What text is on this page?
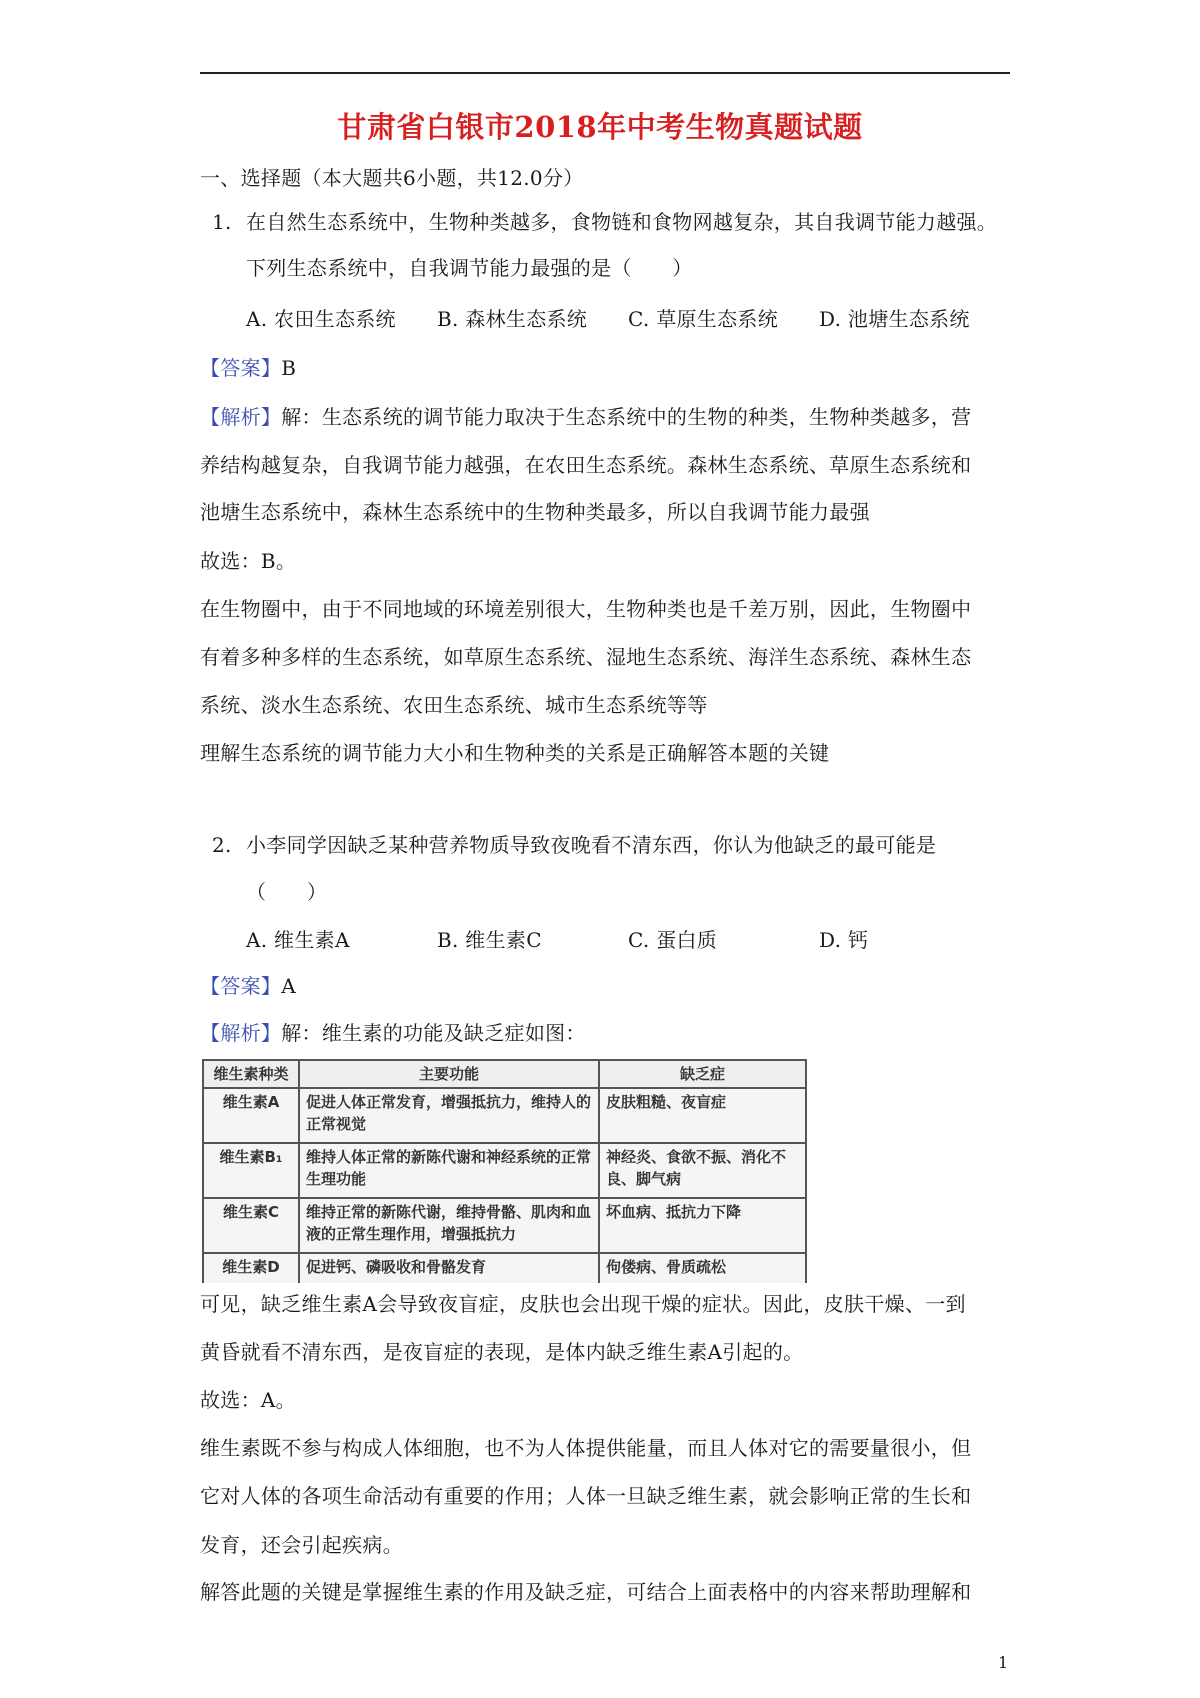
甘肃省白银市2018年中考生物真题试题
一、选择题（本大题共6小题，共12.0分）
1. 在自然生态系统中，生物种类越多，食物链和食物网越复杂，其自我调节能力越强。
下列生态系统中，自我调节能力最强的是（　　）
A. 农田生态系统 B. 森林生态系统 C. 草原生态系统 D. 池塘生态系统
【答案】B
【解析】解：生态系统的调节能力取决于生态系统中的生物的种类，生物种类越多，营
养结构越复杂，自我调节能力越强，在农田生态系统。森林生态系统、草原生态系统和
池塘生态系统中，森林生态系统中的生物种类最多，所以自我调节能力最强
故选：B。
在生物圈中，由于不同地域的环境差别很大，生物种类也是千差万别，因此，生物圈中
有着多种多样的生态系统，如草原生态系统、湿地生态系统、海洋生态系统、森林生态
系统、淡水生态系统、农田生态系统、城市生态系统等等
理解生态系统的调节能力大小和生物种类的关系是正确解答本题的关键
2. 小李同学因缺乏某种营养物质导致夜晚看不清东西，你认为他缺乏的最可能是
（　　）
A. 维生素A	B. 维生素C	C. 蛋白质	D. 钙
【答案】A
【解析】解：维生素的功能及缺乏症如图：
维生素种类	主要功能	缺乏症
维生素A	促进人体正常发育，增强抵抗力，维持人的正常视觉	皮肤粗糙、夜盲症
维生素B₁	维持人体正常的新陈代谢和神经系统的正常生理功能	神经炎、食欲不振、消化不良、脚气病
维生素C	维持正常的新陈代谢，维持骨骼、肌肉和血液的正常生理作用，增强抵抗力	坏血病、抵抗力下降
维生素D	促进钙、磷吸收和骨骼发育	佝偻病、骨质疏松
可见，缺乏维生素A会导致夜盲症，皮肤也会出现干燥的症状。因此，皮肤干燥、一到
黄昏就看不清东西，是夜盲症的表现，是体内缺乏维生素A引起的。
故选：A。
维生素既不参与构成人体细胞，也不为人体提供能量，而且人体对它的需要量很小，但
它对人体的各项生命活动有重要的作用；人体一旦缺乏维生素，就会影响正常的生长和
发育，还会引起疾病。
解答此题的关键是掌握维生素的作用及缺乏症，可结合上面表格中的内容来帮助理解和
1
